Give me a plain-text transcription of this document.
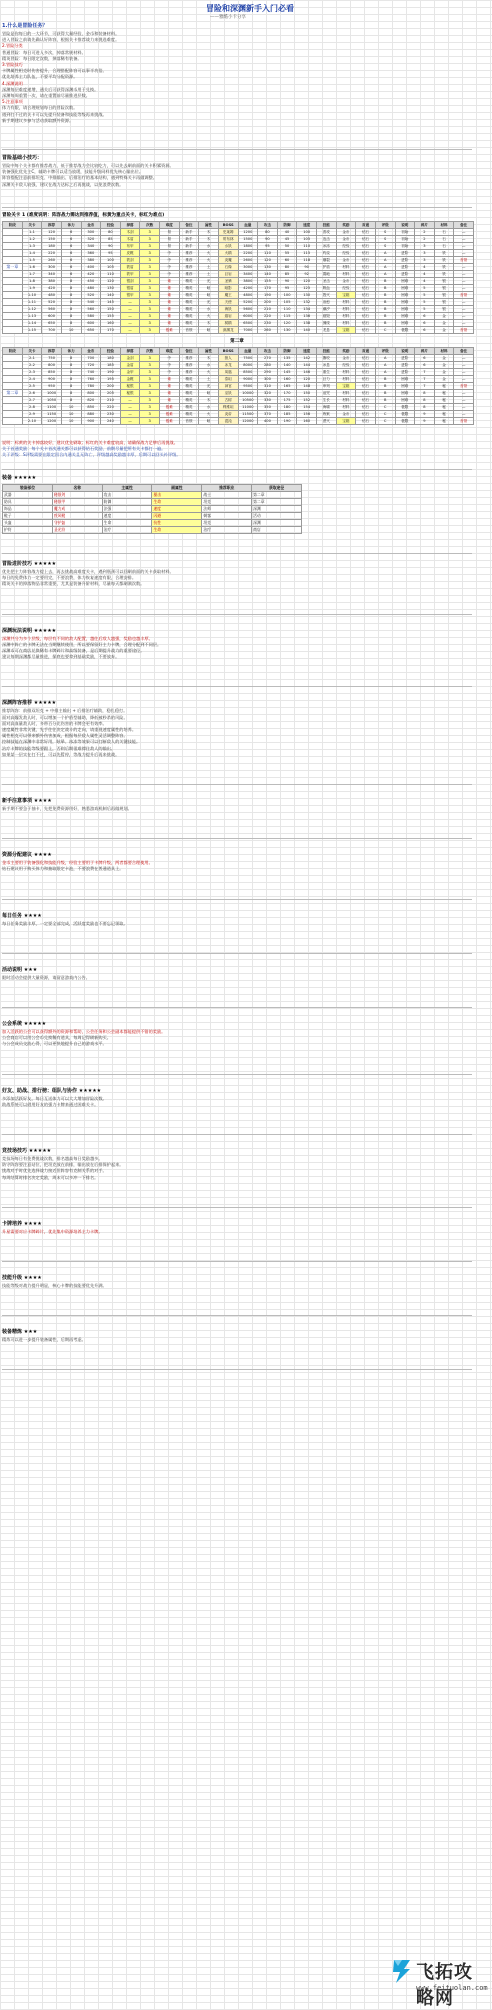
冒险和深渊新手入门必看
——雅酷小卡分享
1.什么是冒险任务？
冒险是你每日的一大环节，可获得大量经验、金币和装备材料。
进入冒险之前请先确认好阵容，根据关卡推荐战力来挑选难度。
2.冒险分类
普通冒险：每日可进入多次，掉落常规材料。
精英冒险：每日限定次数，掉落稀有装备。
3.冒险技巧
卡牌属性相克时伤害提升，合理搭配阵容可以事半功倍。
优先培养主力队伍，不要平均分配资源。
4.深渊说明
深渊每层难度递增，通关后可获得深渊币用于兑换。
深渊每周重置一次，请在重置前尽量推进层数。
5.注意事项
体力有限，请合理规划每日的冒险次数。
遇到打不过的关卡可以先提升装备和技能等级再来挑战。
新手期建议多参与活动获取额外资源。
冒险基础小技巧：
冒险中每个关卡都有推荐战力，低于推荐战力会比较吃力，可以先去刷前面的关卡积累资源。
装备强化优先主C，辅助卡牌可以适当放缓，技能升级同样优先核心输出位。
阵容搭配注意前排坦克、中排输出、后排治疗的基本结构，遇到特殊关卡再做调整。
深渊关卡敌人较强，建议在战力达标之后再挑战，以免浪费次数。
冒险关卡 1 (难度说明：阵容战力需达到推荐值，标黄为重点关卡，标红为难点)
阶段	关卡	推荐	体力	金币	经验	掉落	次数	难度	备注	属性	BOSS	血量	攻击	防御	速度	技能	奖励	首通	评级	说明	碎片	材料	备注
	1-1	120	6	300	80	木剑	3	易	新手	木	史莱姆	1200	80	40	100	普攻	金币	钻石	S	初始	2	石	—
	1-2	150	6	320	85	木盾	3	易	新手	木	哥布林	1500	90	45	105	连击	金币	钻石	S	初始	2	石	—
	1-3	180	6	340	90	布甲	3	易	新手	水	水妖	1800	95	50	110	冰冻	经验	钻石	S	初始	3	石	—
	1-4	220	6	360	95	皮靴	3	中	推荐	火	火精	2200	110	55	115	灼烧	经验	钻石	A	进阶	3	铁	—
	1-5	260	6	380	100	铁剑	3	中	推荐	火	炎魔	2600	120	60	118	爆裂	金币	钻石	A	进阶	3	铁	首领
第一章	1-6	300	6	400	105	铁盾	3	中	推荐	土	石像	3000	130	80	90	护盾	材料	钻石	A	进阶	4	铁	—
	1-7	340	6	420	110	铁甲	3	中	推荐	土	巨岩	3400	140	85	92	震地	材料	钻石	A	进阶	4	铁	—
	1-8	380	8	450	120	银剑	3	难	精英	光	圣骑	3800	155	90	120	圣击	金币	钻石	B	困难	4	银	—
	1-9	420	8	480	130	银盾	3	难	精英	暗	暗影	4200	170	95	125	吸血	经验	钻石	B	困难	5	银	—
	1-10	480	8	520	140	银甲	3	难	精英	暗	魔王	4800	190	100	130	毁灭	宝箱	钻石	B	困难	5	银	首领
	1-11	520	8	540	145	—	3	难	精英	光	天使	5200	200	105	132	治愈	材料	钻石	B	困难	5	银	—
	1-12	560	8	560	150	—	3	难	精英	水	海妖	5600	210	110	134	潮汐	材料	钻石	B	困难	5	银	—
	1-13	600	8	580	155	—	3	难	精英	火	熔岩	6000	220	115	136	熔毁	材料	钻石	B	困难	6	金	—
	1-14	650	8	600	160	—	3	难	精英	木	树精	6500	230	120	138	缠绕	材料	钻石	B	困难	6	金	—
	1-15	700	10	650	170	—	3	极难	首领	暗	深渊龙	7000	260	130	140	龙息	宝箱	钻石	C	极限	6	金	首领
第二章
阶段	关卡	推荐	体力	金币	经验	掉落	次数	难度	备注	属性	BOSS	血量	攻击	防御	速度	技能	奖励	首通	评级	说明	碎片	材料	备注
	2-1	750	8	700	180	金剑	3	中	推荐	木	狼人	7500	270	135	142	撕咬	金币	钻石	A	进阶	6	金	—
	2-2	800	8	720	185	金盾	3	中	推荐	水	冰龙	8000	280	140	144	冰息	经验	钻石	A	进阶	6	金	—
	2-3	850	8	740	190	金甲	3	中	推荐	火	凤凰	8500	290	145	146	重生	材料	钻石	A	进阶	7	金	—
	2-4	900	8	760	195	金靴	3	难	精英	土	泰坦	9000	300	160	120	巨力	材料	钻石	B	困难	7	金	—
	2-5	950	8	780	200	秘银	3	难	精英	光	神官	9500	310	165	148	审判	宝箱	钻石	B	困难	7	秘	首领
第二章	2-6	1000	8	800	205	秘银	3	难	精英	暗	巫妖	10000	320	170	150	诅咒	材料	钻石	B	困难	8	秘	—
	2-7	1050	8	820	210	—	3	难	精英	木	古树	10500	330	175	152	生长	材料	钻石	B	困难	8	秘	—
	2-8	1100	10	850	220	—	3	极难	精英	水	利维坦	11000	350	180	154	海啸	材料	钻石	C	极限	8	秘	—
	2-9	1150	10	880	230	—	3	极难	精英	火	炎帝	11500	370	185	156	炼狱	金币	钻石	C	极限	9	秘	—
	2-10	1200	10	900	240	—	3	极难	首领	暗	混沌	12000	400	190	160	湮灭	宝箱	钻石	C	极限	9	秘	首领
说明：标黄的关卡掉落较好，建议优先刷取；标红的关卡难度较高，请确保战力足够后再挑战。
关于首通奖励：每个关卡首次通关都可以获得钻石奖励，前期尽量把所有关卡都打一遍。
关于评级：S评级需要在限定回合内通关且无阵亡，评级越高奖励越丰厚，后期可以回头补评级。
装备 ★★★★★
装备部位	名称	主属性	副属性	推荐职业	获取途径
武器	秘银剑	攻击	暴击	战士	第二章
防具	秘银甲	防御	生命	坦克	第二章
饰品	魔力戒	法强	速度	法师	深渊
鞋子	疾风靴	速度	闪避	刺客	活动
头盔	守护盔	生命	抗性	坦克	深渊
护符	圣光符	治疗	生命	治疗	商店
冒险进阶技巧 ★★★★★
优先把主力阵容战力提上去，再去挑战高难度关卡，遇到瓶颈可以回刷前面的关卡获取材料。
每日的免费体力一定要用完，不要浪费，体力恢复速度有限，合理安排。
精英关卡的掉落物品非常重要，尤其是装备升阶材料，尽量每天都刷满次数。
深渊玩法说明 ★★★★★
深渊共分为多个层级，每层有不同的敌人配置，越往后敌人越强，奖励也越丰厚。
深渊中阵亡的卡牌无法在当期继续使用，所以要保留好主力卡牌，合理分配到不同层。
深渊币可在商店兑换稀有卡牌碎片和高级装备，是后期提升战力的重要途径。
建议每期深渊都尽量推进，保底也要拿到基础奖励，不要放弃。
深渊阵容推荐 ★★★★★
推荐阵容：前排双坦克 + 中排主输出 + 后排治疗辅助，稳扎稳打。
面对高爆发敌人时，可以增加一个护盾型辅助，降低被秒杀的风险。
面对高血量敌人时，多带百分比伤害的卡牌会更有效率。
速度属性非常关键，先手往往决定战斗的走向，请重视速度属性的培养。
属性相克可以带来额外伤害加成，根据每层敌人属性灵活调整阵容。
控制技能在深渊中非常好用，眩晕、冰冻等效果可以打断敌人的关键技能。
治疗卡牌的技能等级要跟上，否则后期很难撑住敌人的输出。
如果某一层实在打不过，可以先暂停，等战力提升后再来挑战。
新手注意事项 ★★★★
新手期不要急于抽卡，先把免费资源用好，熟悉游戏机制后再做规划。
资源分配建议 ★★★★
金币主要用于装备强化和技能升级，经验主要用于卡牌升级，两者都要合理使用。
钻石建议用于购买体力和抽取限定卡池，不要浪费在普通道具上。
每日任务 ★★★★
每日任务奖励丰厚，一定要全部完成，活跃度奖励也不要忘记领取。
活动说明 ★★★
限时活动会提供大量资源，请留意游戏内公告。
公会系统 ★★★★★
加入活跃的公会可以获得额外的资源和帮助，公会任务和公会副本都能提供不错的奖励。
公会商店可以用公会币兑换稀有道具，每周记得刷新购买。
与公会成员交流心得，可以更快地提升自己的游戏水平。
好友、助战、排行榜：组队与协作 ★★★★★
多添加活跃好友，每日互送体力可以大大增加冒险次数。
助战系统可以借用好友的强力卡牌来通过困难关卡。
竞技场技巧 ★★★★★
竞技场每日有免费挑战次数，排名越高每日奖励越多。
防守阵容要注意站位，把坦克放在前排，输出放在后排保护起来。
挑战对手时优先选择战力接近但阵容有克制关系的对手。
每周结算时排名决定奖励，周末可以多冲一下排名。
卡牌培养 ★★★★
升星需要对应卡牌碎片，优先集中资源培养主力卡牌。
技能升级 ★★★★
技能等级对战力提升明显，核心卡牌的技能要优先升满。
装备精炼 ★★★
精炼可以进一步提升装备属性，后期再考虑。
飞拓攻略网
www.feituolan.com
